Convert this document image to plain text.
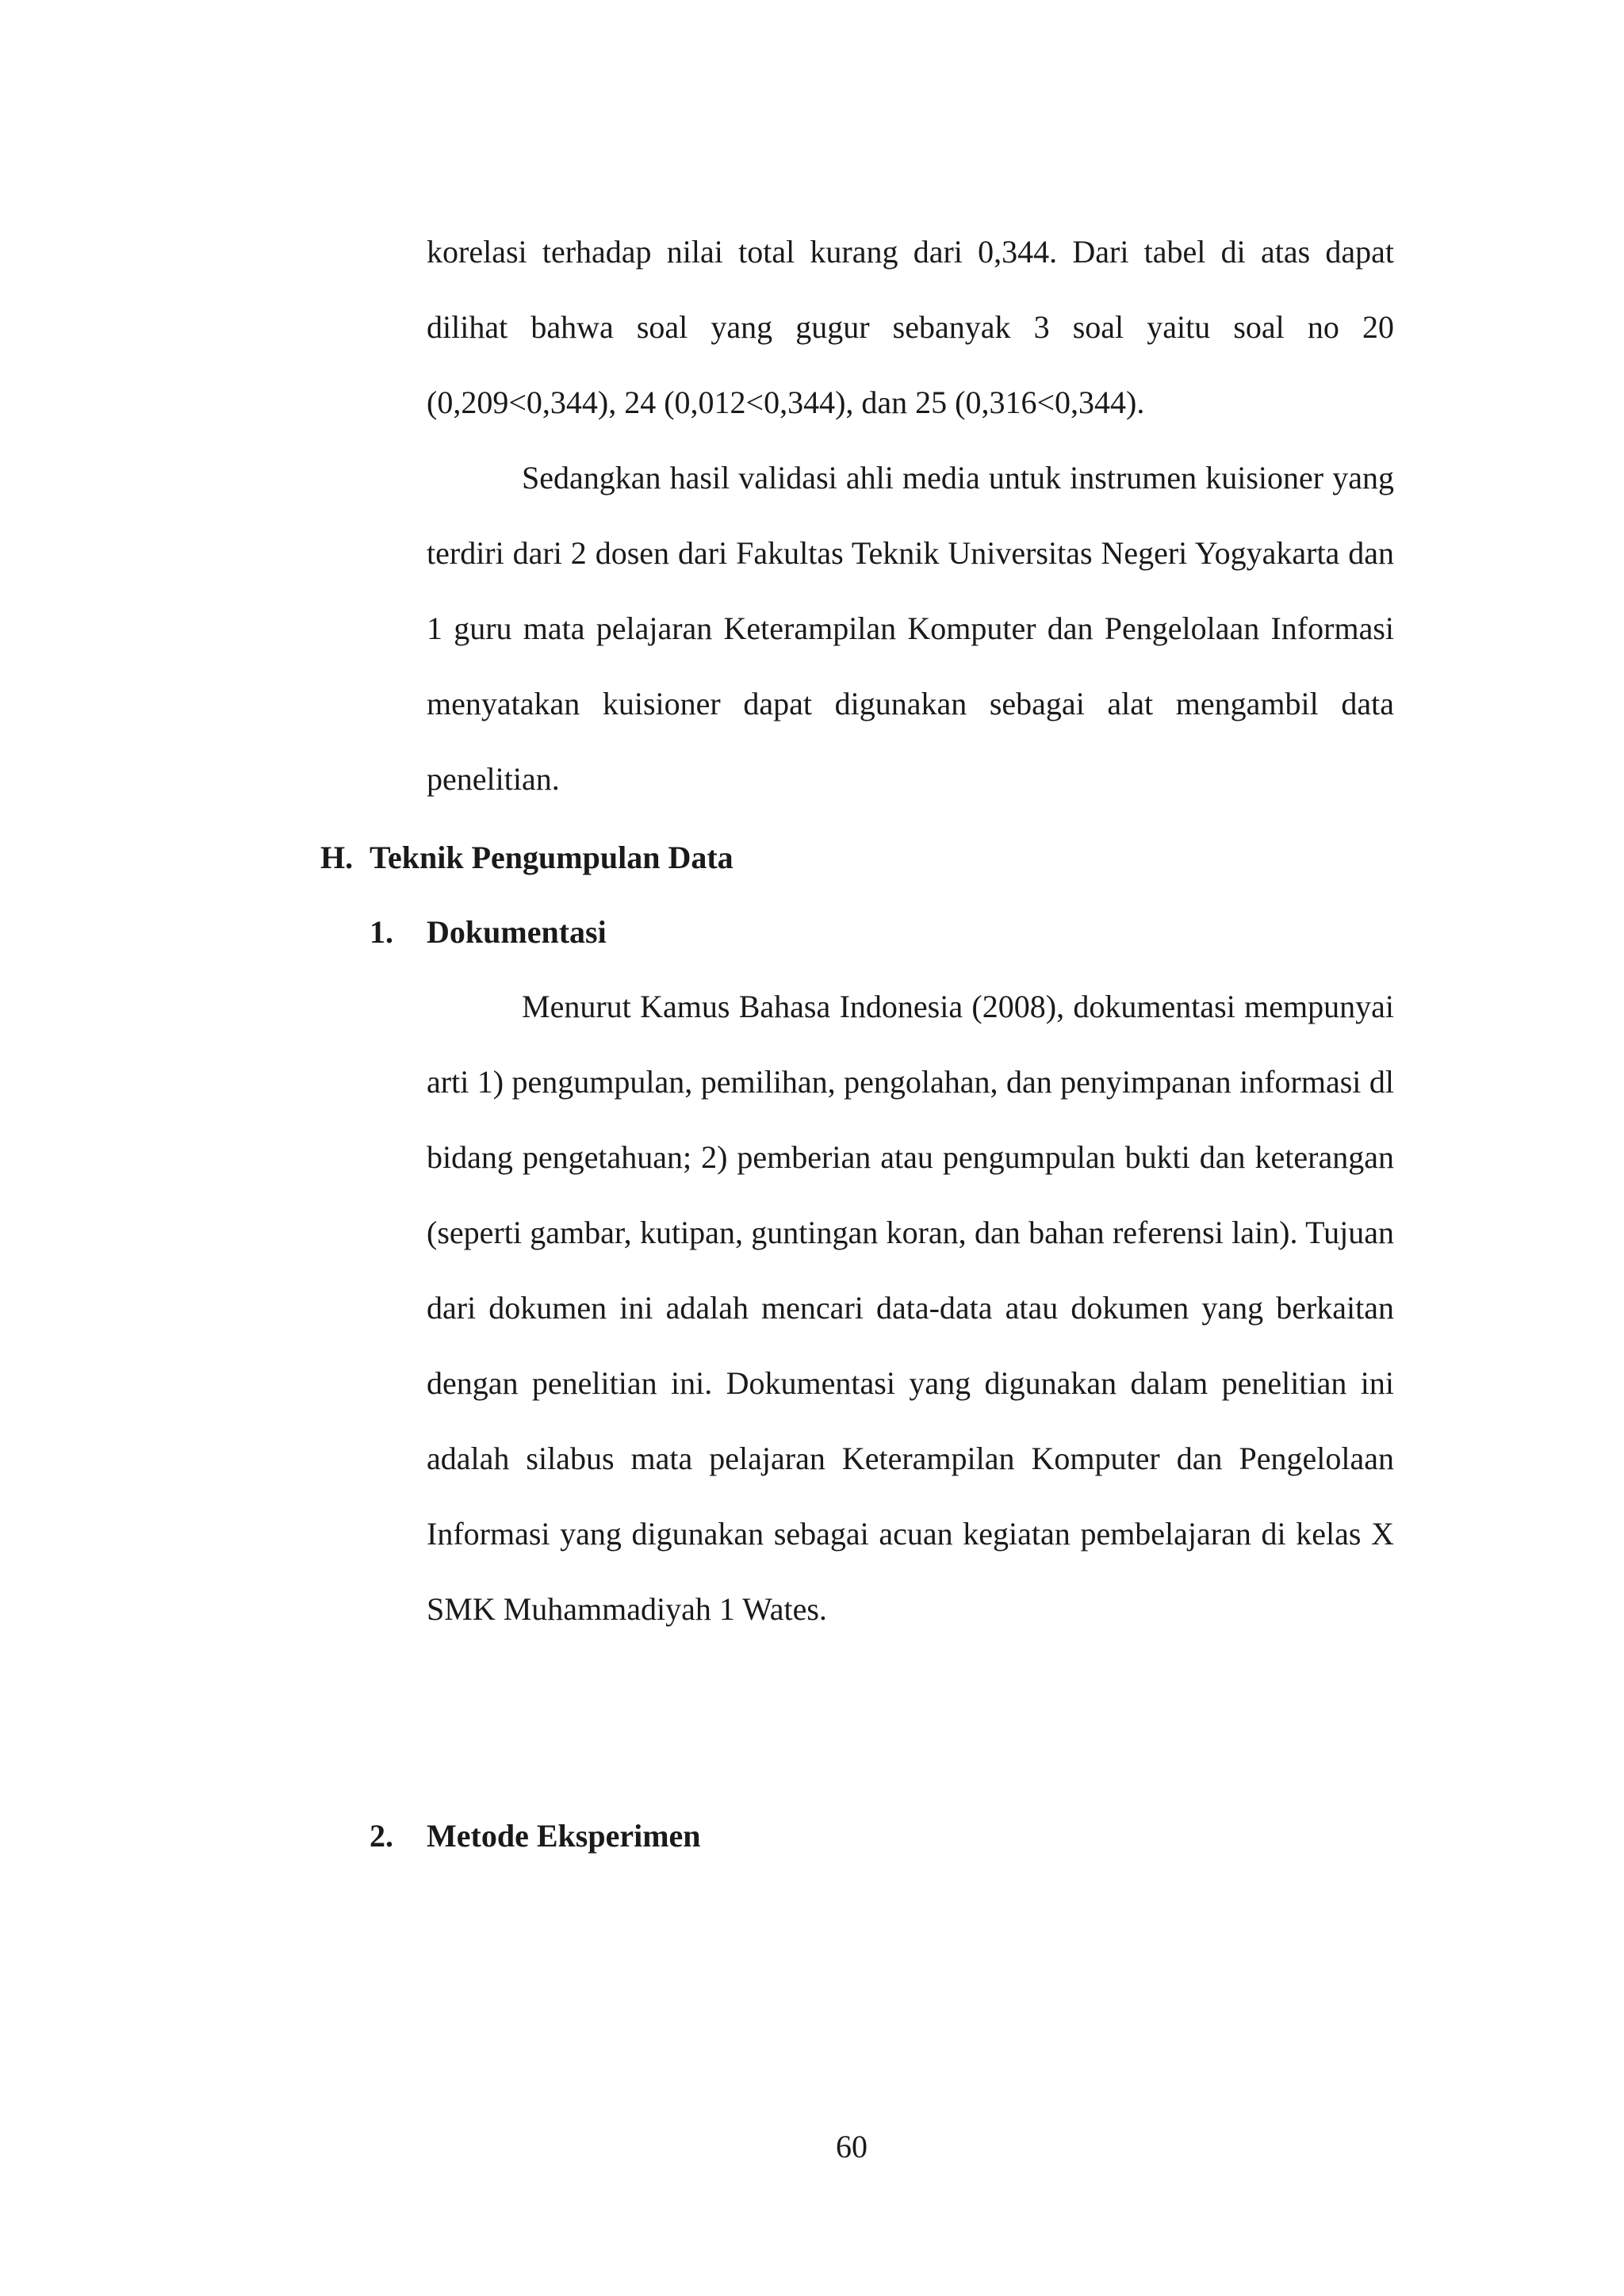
korelasi terhadap nilai total kurang dari 0,344. Dari tabel di atas dapat dilihat bahwa soal yang gugur sebanyak 3 soal yaitu soal no 20 (0,209<0,344), 24 (0,012<0,344), dan 25 (0,316<0,344).

Sedangkan hasil validasi ahli media untuk instrumen kuisioner yang terdiri dari 2 dosen dari Fakultas Teknik Universitas Negeri Yogyakarta dan 1 guru mata pelajaran Keterampilan Komputer dan Pengelolaan Informasi menyatakan kuisioner dapat digunakan sebagai alat mengambil data penelitian.

H. Teknik Pengumpulan Data
1. Dokumentasi

Menurut Kamus Bahasa Indonesia (2008), dokumentasi mempunyai arti 1) pengumpulan, pemilihan, pengolahan, dan penyimpanan informasi dl bidang pengetahuan; 2) pemberian atau pengumpulan bukti dan keterangan (seperti gambar, kutipan, guntingan koran, dan bahan referensi lain). Tujuan dari dokumen ini adalah mencari data-data atau dokumen yang berkaitan dengan penelitian ini. Dokumentasi yang digunakan dalam penelitian ini adalah silabus mata pelajaran Keterampilan Komputer dan Pengelolaan Informasi yang digunakan sebagai acuan kegiatan pembelajaran di kelas X SMK Muhammadiyah 1 Wates.

2. Metode Eksperimen
60
